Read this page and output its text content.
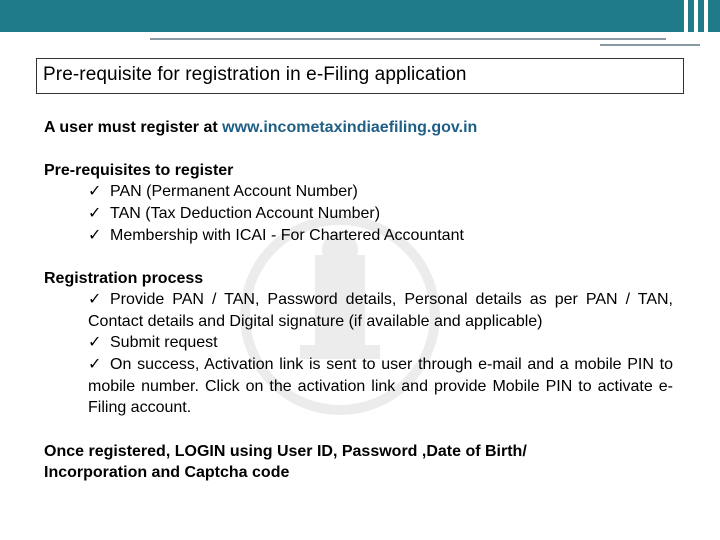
Pre-requisite for registration in e-Filing application
A user must register at www.incometaxindiaefiling.gov.in
Pre-requisites to register
✓ PAN (Permanent Account Number)
✓ TAN (Tax Deduction Account Number)
✓ Membership with ICAI - For Chartered Accountant
Registration process
✓ Provide PAN / TAN, Password details, Personal details as per PAN / TAN, Contact details and Digital signature (if available and applicable)
✓ Submit request
✓ On success, Activation link is sent to user through e-mail and a mobile PIN to mobile number. Click on the activation link and provide Mobile PIN to activate e-Filing account.
Once registered, LOGIN using User ID, Password ,Date of Birth/
Incorporation and Captcha code
